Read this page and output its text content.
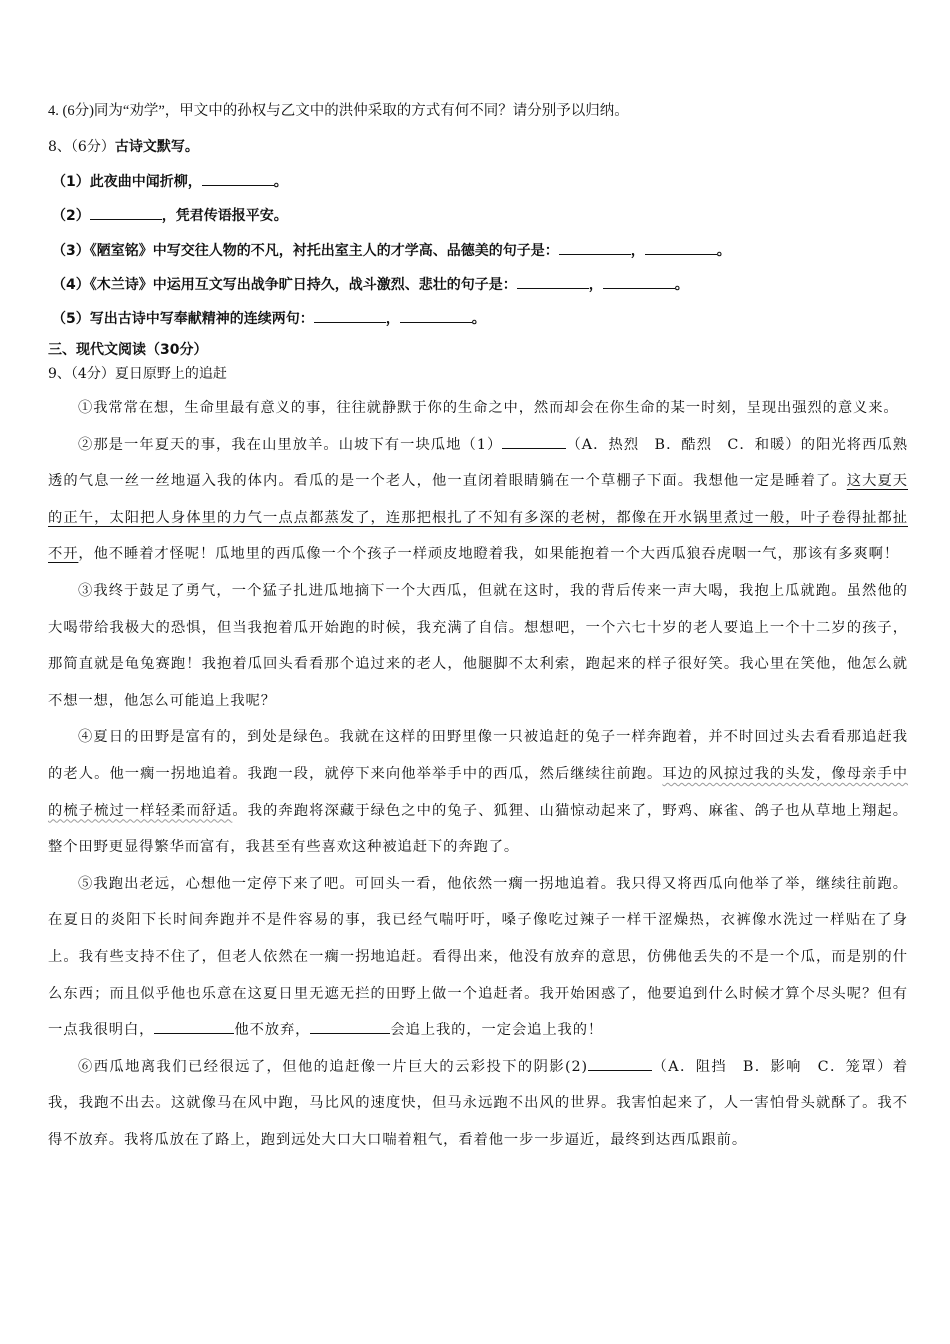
4. (6分)同为“劝学”，甲文中的孙权与乙文中的洪仲采取的方式有何不同？请分别予以归纳。
8、（6分）古诗文默写。
（1）此夜曲中闻折柳，	。
（2）	，凭君传语报平安。
（3）《陋室铭》中写交往人物的不凡，衬托出室主人的才学高、品德美的句子是：	，	。
（4）《木兰诗》中运用互文写出战争旷日持久，战斗激烈、悲壮的句子是：	，	。
（5）写出古诗中写奉献精神的连续两句：	，	。
三、现代文阅读（30分）
9、（4分）夏日原野上的追赶

①我常常在想，生命里最有意义的事，往往就静默于你的生命之中，然而却会在你生命的某一时刻，呈现出强烈的意义来。

②那是一年夏天的事，我在山里放羊。山坡下有一块瓜地（1）	（A．热烈　B．酷烈　C．和暖）的阳光将西瓜熟透的气息一丝一丝地逼入我的体内。看瓜的是一个老人，他一直闭着眼睛躺在一个草棚子下面。我想他一定是睡着了。这大夏天的正午，太阳把人身体里的力气一点点都蒸发了，连那把根扎了不知有多深的老树，都像在开水锅里煮过一般，叶子卷得扯都扯不开，他不睡着才怪呢！瓜地里的西瓜像一个个孩子一样顽皮地瞪着我，如果能抱着一个大西瓜狼吞虎咽一气，那该有多爽啊！

③我终于鼓足了勇气，一个猛子扎进瓜地摘下一个大西瓜，但就在这时，我的背后传来一声大喝，我抱上瓜就跑。虽然他的大喝带给我极大的恐惧，但当我抱着瓜开始跑的时候，我充满了自信。想想吧，一个六七十岁的老人要追上一个十二岁的孩子，那简直就是龟兔赛跑！我抱着瓜回头看看那个追过来的老人，他腿脚不太利索，跑起来的样子很好笑。我心里在笑他，他怎么就不想一想，他怎么可能追上我呢？

④夏日的田野是富有的，到处是绿色。我就在这样的田野里像一只被追赶的兔子一样奔跑着，并不时回过头去看看那追赶我的老人。他一瘸一拐地追着。我跑一段，就停下来向他举举手中的西瓜，然后继续往前跑。耳边的风掠过我的头发，像母亲手中的梳子梳过一样轻柔而舒适。我的奔跑将深藏于绿色之中的兔子、狐狸、山猫惊动起来了，野鸡、麻雀、鸽子也从草地上翔起。整个田野更显得繁华而富有，我甚至有些喜欢这种被追赶下的奔跑了。

⑤我跑出老远，心想他一定停下来了吧。可回头一看，他依然一瘸一拐地追着。我只得又将西瓜向他举了举，继续往前跑。在夏日的炎阳下长时间奔跑并不是件容易的事，我已经气喘吁吁，嗓子像吃过辣子一样干涩燥热，衣裤像水洗过一样贴在了身上。我有些支持不住了，但老人依然在一瘸一拐地追赶。看得出来，他没有放弃的意思，仿佛他丢失的不是一个瓜，而是别的什么东西；而且似乎他也乐意在这夏日里无遮无拦的田野上做一个追赶者。我开始困惑了，他要追到什么时候才算个尽头呢？但有一点我很明白，	他不放弃，	会追上我的，一定会追上我的！

⑥西瓜地离我们已经很远了，但他的追赶像一片巨大的云彩投下的阴影(2)	（A．阻挡　B．影响　C．笼罩）着我，我跑不出去。这就像马在风中跑，马比风的速度快，但马永远跑不出风的世界。我害怕起来了，人一害怕骨头就酥了。我不得不放弃。我将瓜放在了路上，跑到远处大口大口喘着粗气，看着他一步一步逼近，最终到达西瓜跟前。
